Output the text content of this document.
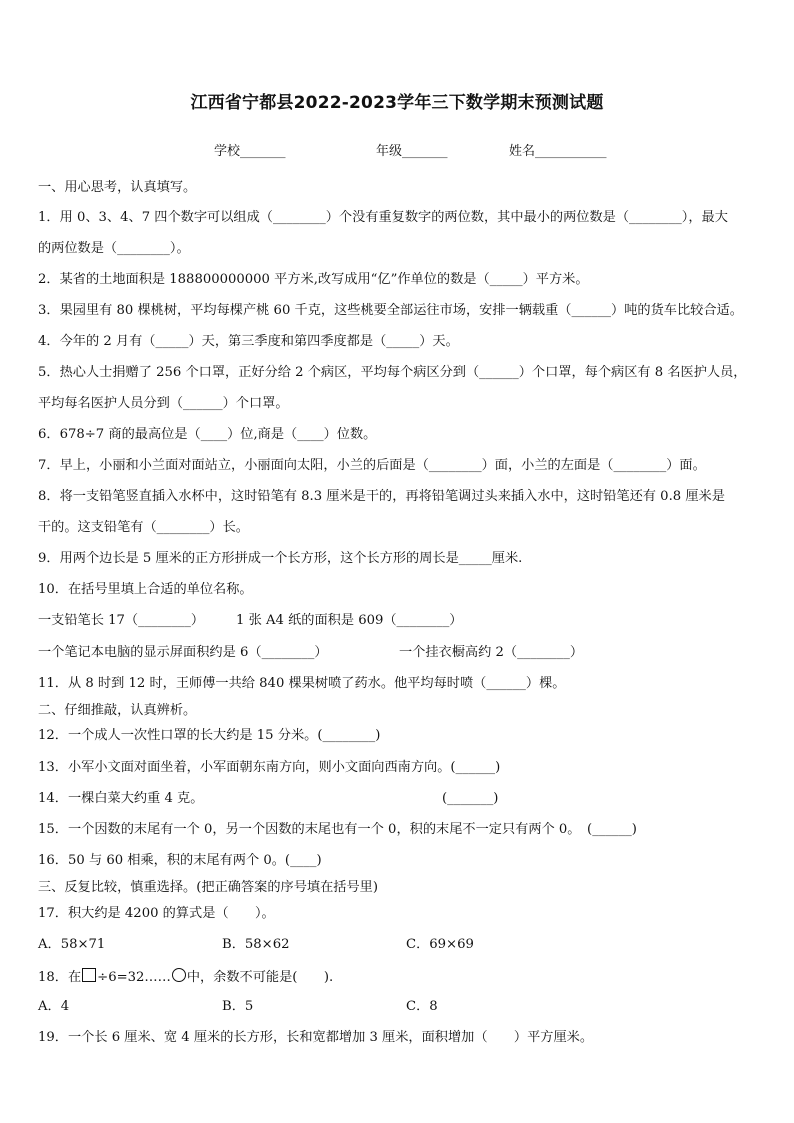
江西省宁都县2022-2023学年三下数学期末预测试题
学校_______	年级_______	姓名___________
一、用心思考，认真填写。
1．用 0、3、4、7 四个数字可以组成（________）个没有重复数字的两位数，其中最小的两位数是（________），最大
的两位数是（________）。
2．某省的土地面积是 188800000000 平方米,改写成用“亿”作单位的数是（_____）平方米。
3．果园里有 80 棵桃树，平均每棵产桃 60 千克，这些桃要全部运往市场，安排一辆载重（______）吨的货车比较合适。
4．今年的 2 月有（_____）天，第三季度和第四季度都是（_____）天。
5．热心人士捐赠了 256 个口罩，正好分给 2 个病区，平均每个病区分到（______）个口罩，每个病区有 8 名医护人员，
平均每名医护人员分到（______）个口罩。
6．678÷7 商的最高位是（____）位,商是（____）位数。
7．早上，小丽和小兰面对面站立，小丽面向太阳，小兰的后面是（________）面，小兰的左面是（________）面。
8．将一支铅笔竖直插入水杯中，这时铅笔有 8.3 厘米是干的，再将铅笔调过头来插入水中，这时铅笔还有 0.8 厘米是
干的。这支铅笔有（________）长。
9．用两个边长是 5 厘米的正方形拼成一个长方形，这个长方形的周长是_____厘米.
10．在括号里填上合适的单位名称。
一支铅笔长 17（________） 1 张 A4 纸的面积是 609（________）
一个笔记本电脑的显示屏面积约是 6（________）	一个挂衣橱高约 2（________）
11．从 8 时到 12 时，王师傅一共给 840 棵果树喷了药水。他平均每时喷（______）棵。
二、仔细推敲，认真辨析。
12．一个成人一次性口罩的长大约是 15 分米。(________)
13．小军小文面对面坐着，小军面朝东南方向，则小文面向西南方向。(______)
14．一棵白菜大约重 4 克。	(_______)
15．一个因数的末尾有一个 0，另一个因数的末尾也有一个 0，积的末尾不一定只有两个 0。　(______)
16．50 与 60 相乘，积的末尾有两个 0。(____)
三、反复比较，慎重选择。(把正确答案的序号填在括号里)
17．积大约是 4200 的算式是（　　）。
A．58×71	B．58×62	C．69×69
18．在 ÷6=32…… 中，余数不可能是(　　).
A．4	B．5	C．8
19．一个长 6 厘米、宽 4 厘米的长方形，长和宽都增加 3 厘米，面积增加（　　）平方厘米。
